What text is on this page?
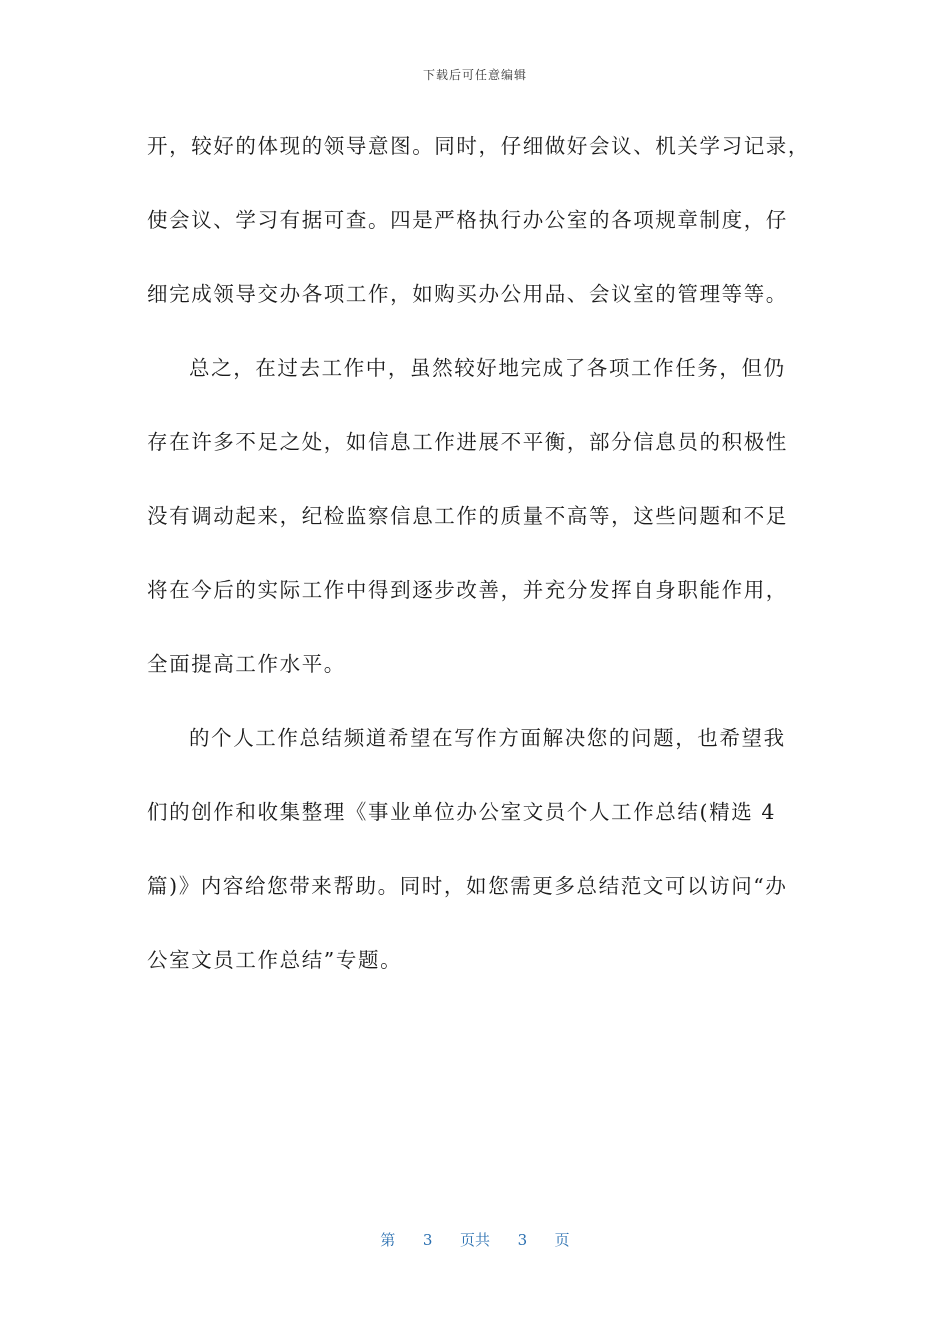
下载后可任意编辑
开，较好的体现的领导意图。同时，仔细做好会议、机关学习记录，
使会议、学习有据可查。四是严格执行办公室的各项规章制度，仔
细完成领导交办各项工作，如购买办公用品、会议室的管理等等。
总之，在过去工作中，虽然较好地完成了各项工作任务，但仍
存在许多不足之处，如信息工作进展不平衡，部分信息员的积极性
没有调动起来，纪检监察信息工作的质量不高等，这些问题和不足
将在今后的实际工作中得到逐步改善，并充分发挥自身职能作用，
全面提高工作水平。
的个人工作总结频道希望在写作方面解决您的问题，也希望我
们的创作和收集整理《事业单位办公室文员个人工作总结(精选 4
篇)》内容给您带来帮助。同时，如您需更多总结范文可以访问“办
公室文员工作总结”专题。
第 3 页共 3 页
